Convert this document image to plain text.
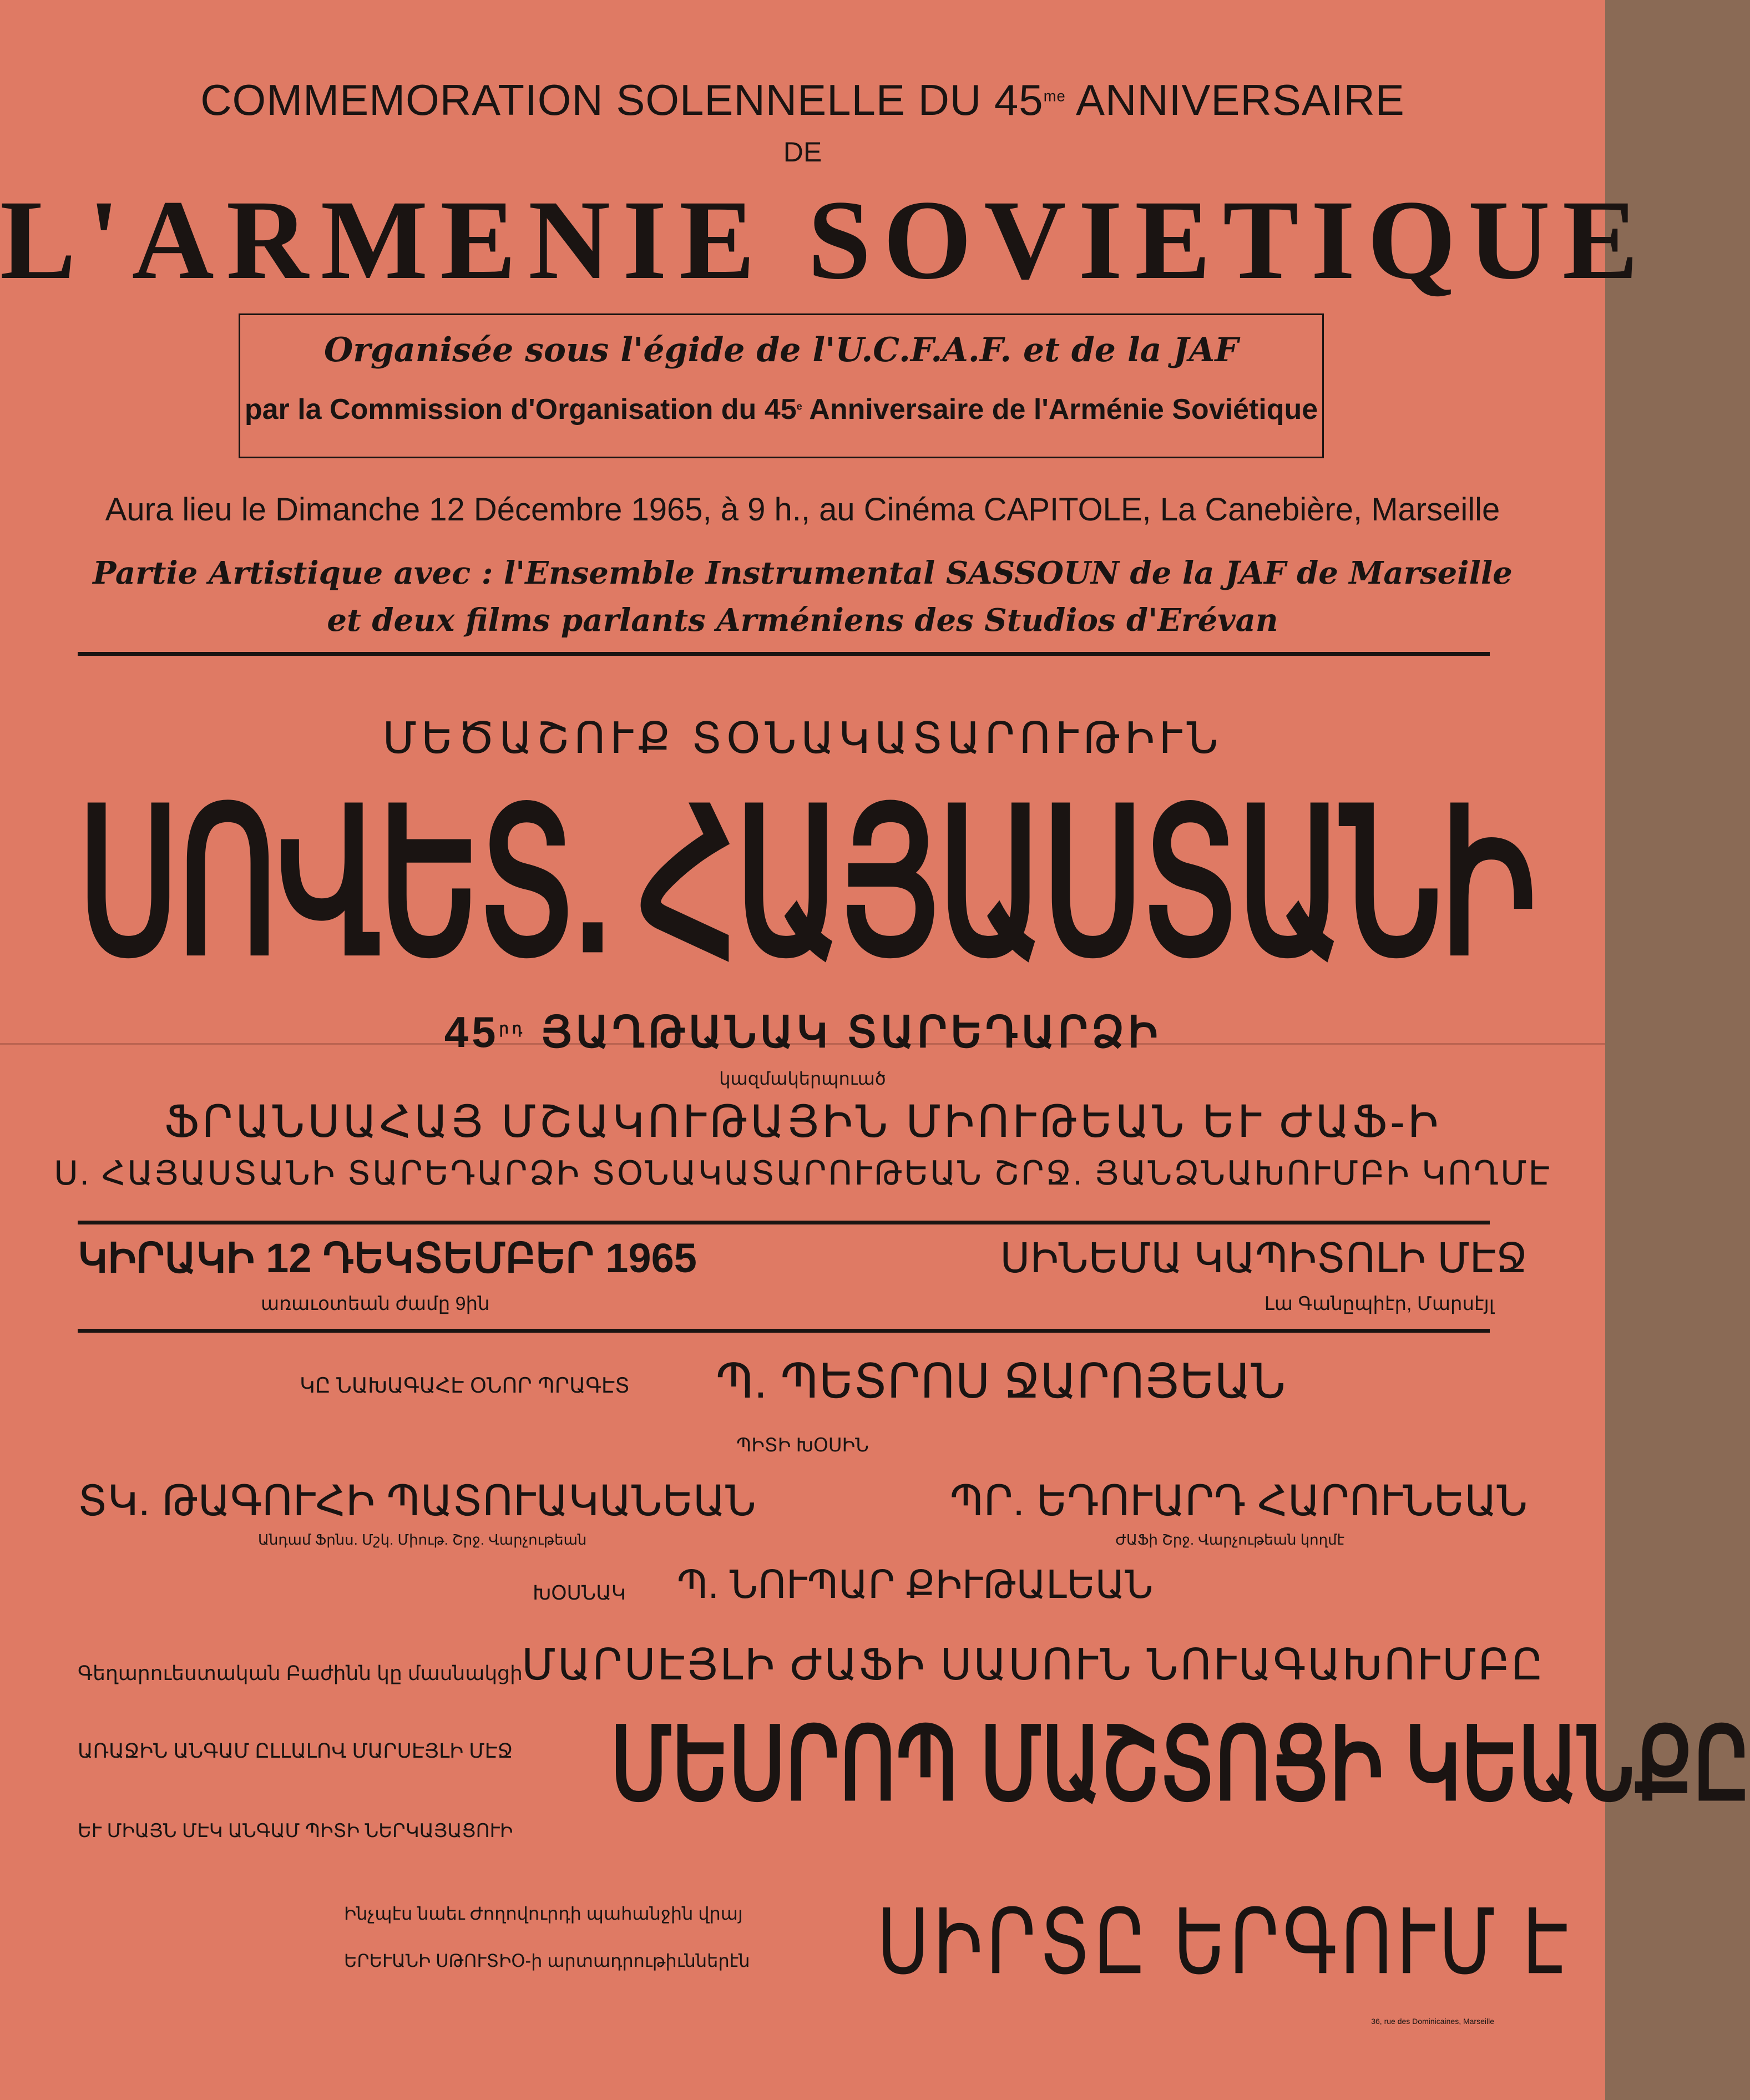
COMMEMORATION SOLENNELLE DU $45^{me}$ ANNIVERSAIRE
DE
L'ARMENIE SOVIETIQUE
Organisée sous l'égide de l'U.C.F.A.F. et de la JAF
par la Commission d'Organisation du 45e Anniversaire de l'Arménie Soviétique
Aura lieu le Dimanche 12 Décembre 1965, à 9 h., au Cinéma CAPITOLE, La Canebière, Marseille
Partie Artistique avec : l'Ensemble Instrumental SASSOUN de la JAF de Marseille
et deux films parlants Arméniens des Studios d'Erévan
ՄԵԾԱՇՈՒՔ ՏՕՆԱԿԱՏԱՐՈՒԹԻՒՆ
ՍՈՎԵՏ. ՀԱՅԱՍՏԱՆԻ
$45^{րդ}$ ՅԱՂԹԱՆԱԿ ՏԱՐԵԴԱՐՁԻ
կազմակերպուած
ՖՐԱՆՍԱՀԱՅ ՄՇԱԿՈՒԹԱՅԻՆ ՄԻՈՒԹԵԱՆ ԵՒ ԺԱՖ-Ի
Ս. ՀԱՅԱՍՏԱՆԻ ՏԱՐԵԴԱՐՁԻ ՏՕՆԱԿԱՏԱՐՈՒԹԵԱՆ ՇՐՋ. ՅԱՆՁՆԱԽՈՒՄԲԻ ԿՈՂՄԷ
ԿԻՐԱԿԻ 12 ԴԵԿՏԵՄԲԵՐ 1965
առաւօտեան ժամը 9ին
ՍԻՆԵՄԱ ԿԱՊԻՏՈԼԻ ՄԷՋ
Լա Գանըպիէր, Մարսէյլ
ԿԸ ՆԱԽԱԳԱՀԷ ՕՆՈՐ ՊՐԱԳԷՏ Պ. ՊԵՏՐՈՍ ՋԱՐՈՅԵԱՆ
ՊԻՏԻ ԽՕՍԻՆ
ՏԿ. ԹԱԳՈՒՀԻ ՊԱՏՈՒԱԿԱՆԵԱՆ
Անդամ Ֆրնս. Մշկ. Միութ. Շրջ. Վարչութեան
ՊՐ. ԵԴՈՒԱՐԴ ՀԱՐՈՒՆԵԱՆ
ԺԱՖի Շրջ. Վարչութեան կողմէ
ԽՕՍՆԱԿ Պ. ՆՈՒՊԱՐ ՔԻՒԹԱԼԵԱՆ
Գեղարուեստական Բաժինն կը մասնակցի
ՄԱՐՍԷՅԼԻ ԺԱՖԻ ՍԱՍՈՒՆ ՆՈՒԱԳԱԽՈՒՄԲԸ
ԱՌԱՋԻՆ ԱՆԳԱՄ ԸԼԼԱԼՈՎ ՄԱՐՍԷՅԼԻ ՄԷՋ ՄԵՍՐՈՊ ՄԱՇՏՈՑԻ ԿԵԱՆՔԸ
ԵՒ ՄԻԱՅՆ ՄԷԿ ԱՆԳԱՄ ՊԻՏԻ ՆԵՐԿԱՅԱՑՈՒԻ
Ինչպէս նաեւ Ժողովուրդի պահանջին վրայ
ԵՐԵՒԱՆԻ ՍԹՈՒՏԻՕ-ի արտադրութիւններէն ՍԻՐՏԸ ԵՐԳՈՒՄ Է
36, rue des Dominicaines, Marseille
